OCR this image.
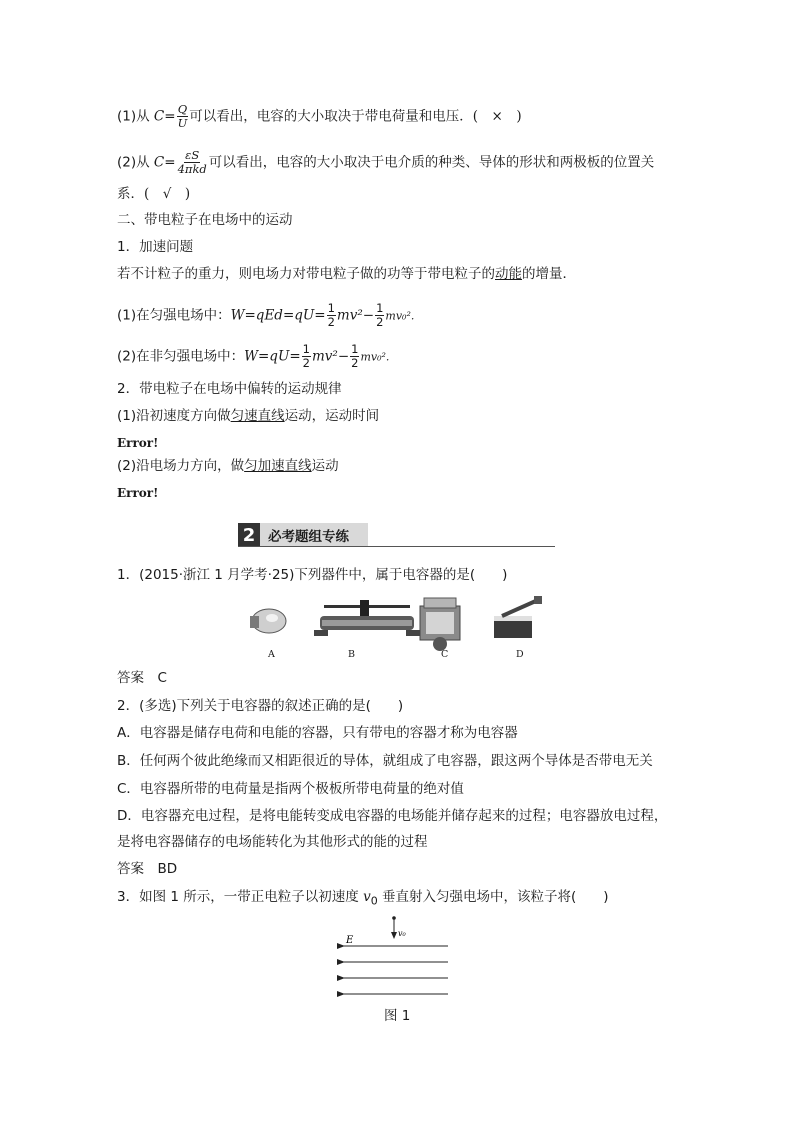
(1)从 $C= \frac{Q}{U}$ 可以看出，电容的大小取决于带电荷量和电压．(　×　)
(2)从 $C= \frac{\varepsilon S}{\text{4πkd}}$ 可以看出，电容的大小取决于电介质的种类、导体的形状和两极板的位置关
系．(　√　)
二、带电粒子在电场中的运动
1．加速问题
若不计粒子的重力，则电场力对带电粒子做的功等于带电粒子的动能的增量．
(1)在匀强电场中：$W=qEd=qU= \frac{1}{2} mv^2- \frac{1}{2} mv_0^2$.
(2)在非匀强电场中：$W=qU= \frac{1}{2} mv^2- \frac{1}{2} mv_0^2$.
2．带电粒子在电场中偏转的运动规律
(1)沿初速度方向做匀速直线运动，运动时间
Error!
(2)沿电场力方向，做匀加速直线运动
Error!
2 必考题组专练
1．(2015·浙江 1 月学考·25)下列器件中，属于电容器的是(　　)
A	B	C	D
答案　C
2．(多选)下列关于电容器的叙述正确的是(　　)
A．电容器是储存电荷和电能的容器，只有带电的容器才称为电容器
B．任何两个彼此绝缘而又相距很近的导体，就组成了电容器，跟这两个导体是否带电无关
C．电容器所带的电荷量是指两个极板所带电荷量的绝对值
D．电容器充电过程，是将电能转变成电容器的电场能并储存起来的过程；电容器放电过程，
是将电容器储存的电场能转化为其他形式的能的过程
答案　BD
3．如图 1 所示，一带正电粒子以初速度 $v_0$ 垂直射入匀强电场中，该粒子将(　　)
E
v₀
图 1
